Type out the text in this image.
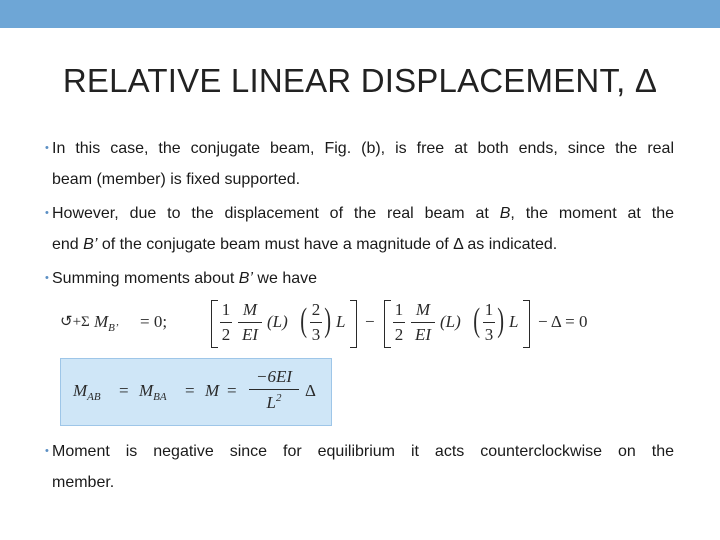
RELATIVE LINEAR DISPLACEMENT, Δ
• In this case, the conjugate beam, Fig. (b), is free at both ends, since the real
beam (member) is fixed supported.
• However, due to the displacement of the real beam at B, the moment at the
end B’ of the conjugate beam must have a magnitude of Δ as indicated.
• Summing moments about B’ we have
↺+Σ $M_{B’} = 0$;
1
2
M
EI
(L) ( 2
3 ) L −
1
2
M
EI
(L) ( 1
3 ) L − Δ = 0
$M_{AB} = M_{BA} = M$ =
−6EI
$L^2$	Δ
• Moment is negative since for equilibrium it acts counterclockwise on the
member.
